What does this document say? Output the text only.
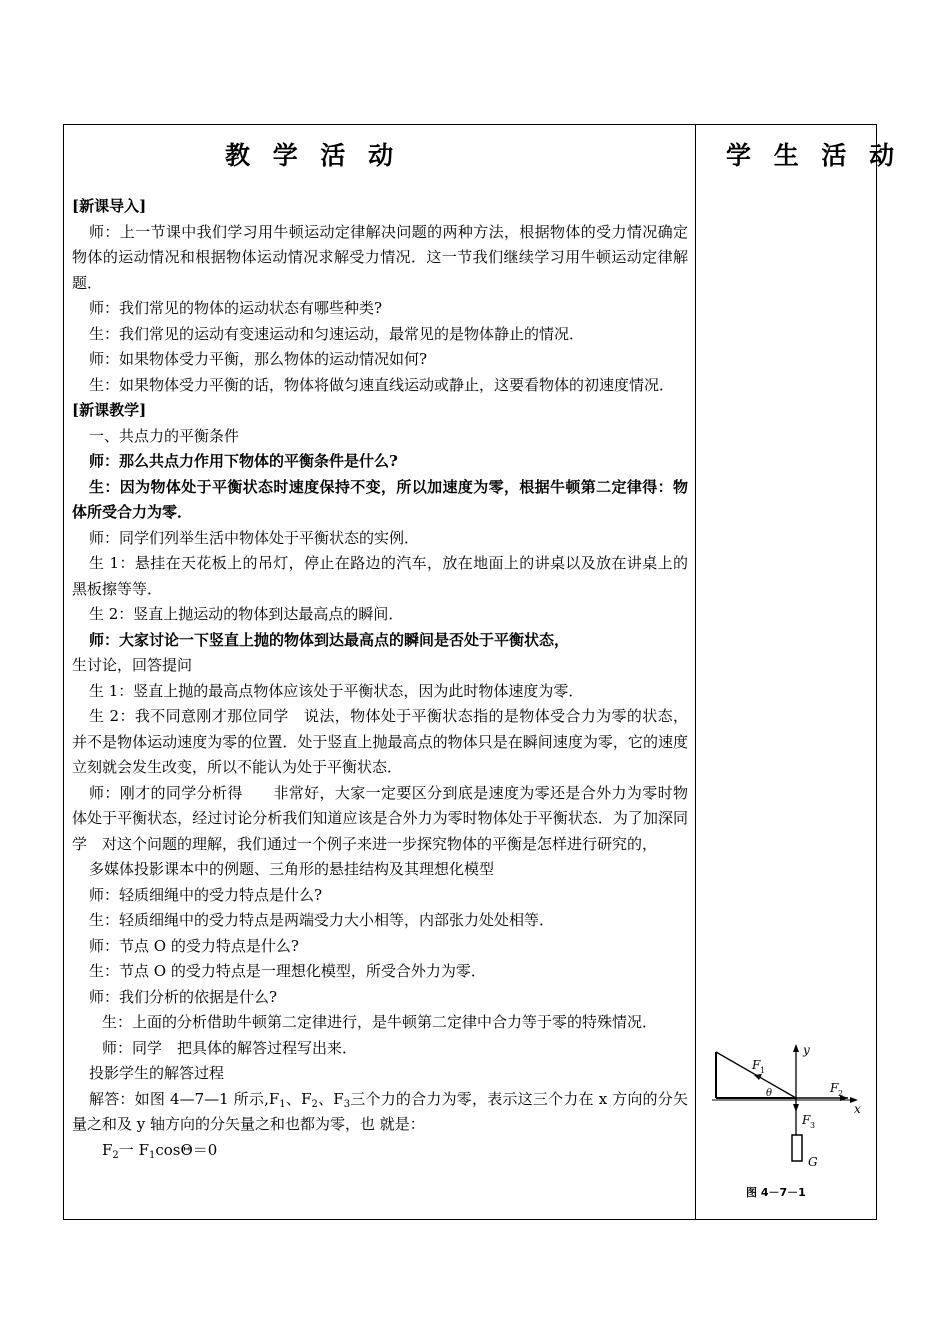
教 学 活 动	学 生 活 动

[新课导入]

师：上一节课中我们学习用牛顿运动定律解决问题的两种方法，根据物体的受力情况确定物体的运动情况和根据物体运动情况求解受力情况．这一节我们继续学习用牛顿运动定律解题．

师：我们常见的物体的运动状态有哪些种类?

生：我们常见的运动有变速运动和匀速运动，最常见的是物体静止的情况．

师：如果物体受力平衡，那么物体的运动情况如何?

生：如果物体受力平衡的话，物体将做匀速直线运动或静止，这要看物体的初速度情况．

[新课教学]

一、共点力的平衡条件

师：那么共点力作用下物体的平衡条件是什么?

生：因为物体处于平衡状态时速度保持不变，所以加速度为零，根据牛顿第二定律得：物体所受合力为零．

师：同学们列举生活中物体处于平衡状态的实例．

生 1：悬挂在天花板上的吊灯，停止在路边的汽车，放在地面上的讲桌以及放在讲桌上的黑板擦等等．

生 2：竖直上抛运动的物体到达最高点的瞬间．

师：大家讨论一下竖直上抛的物体到达最高点的瞬间是否处于平衡状态，

生讨论，回答提问

生 1：竖直上抛的最高点物体应该处于平衡状态，因为此时物体速度为零．

生 2：我不同意刚才那位同学　说法，物体处于平衡状态指的是物体受合力为零的状态，并不是物体运动速度为零的位置．处于竖直上抛最高点的物体只是在瞬间速度为零，它的速度立刻就会发生改变，所以不能认为处于平衡状态．

师：刚才的同学分析得　　非常好，大家一定要区分到底是速度为零还是合外力为零时物体处于平衡状态，经过讨论分析我们知道应该是合外力为零时物体处于平衡状态．为了加深同学　对这个问题的理解，我们通过一个例子来进一步探究物体的平衡是怎样进行研究的，

多媒体投影课本中的例题、三角形的悬挂结构及其理想化模型

师：轻质细绳中的受力特点是什么?

生：轻质细绳中的受力特点是两端受力大小相等，内部张力处处相等．

师：节点 O 的受力特点是什么?

生：节点 O 的受力特点是一理想化模型，所受合外力为零．

师：我们分析的依据是什么?

生：上面的分析借助牛顿第二定律进行，是牛顿第二定律中合力等于零的特殊情况．

师：同学　把具体的解答过程写出来．

投影学生的解答过程

解答：如图 4—7—1 所示$,F_1$、$F_2$、$F_3$三个力的合力为零，表示这三个力在 x 方向的分矢量之和及 y 轴方向的分矢量之和也都为零，也 就是：

$F_2$一 $F_1\cos\Theta=0$

y
F 1
F 2
x
θ
F 3
G
图 4－7－1
